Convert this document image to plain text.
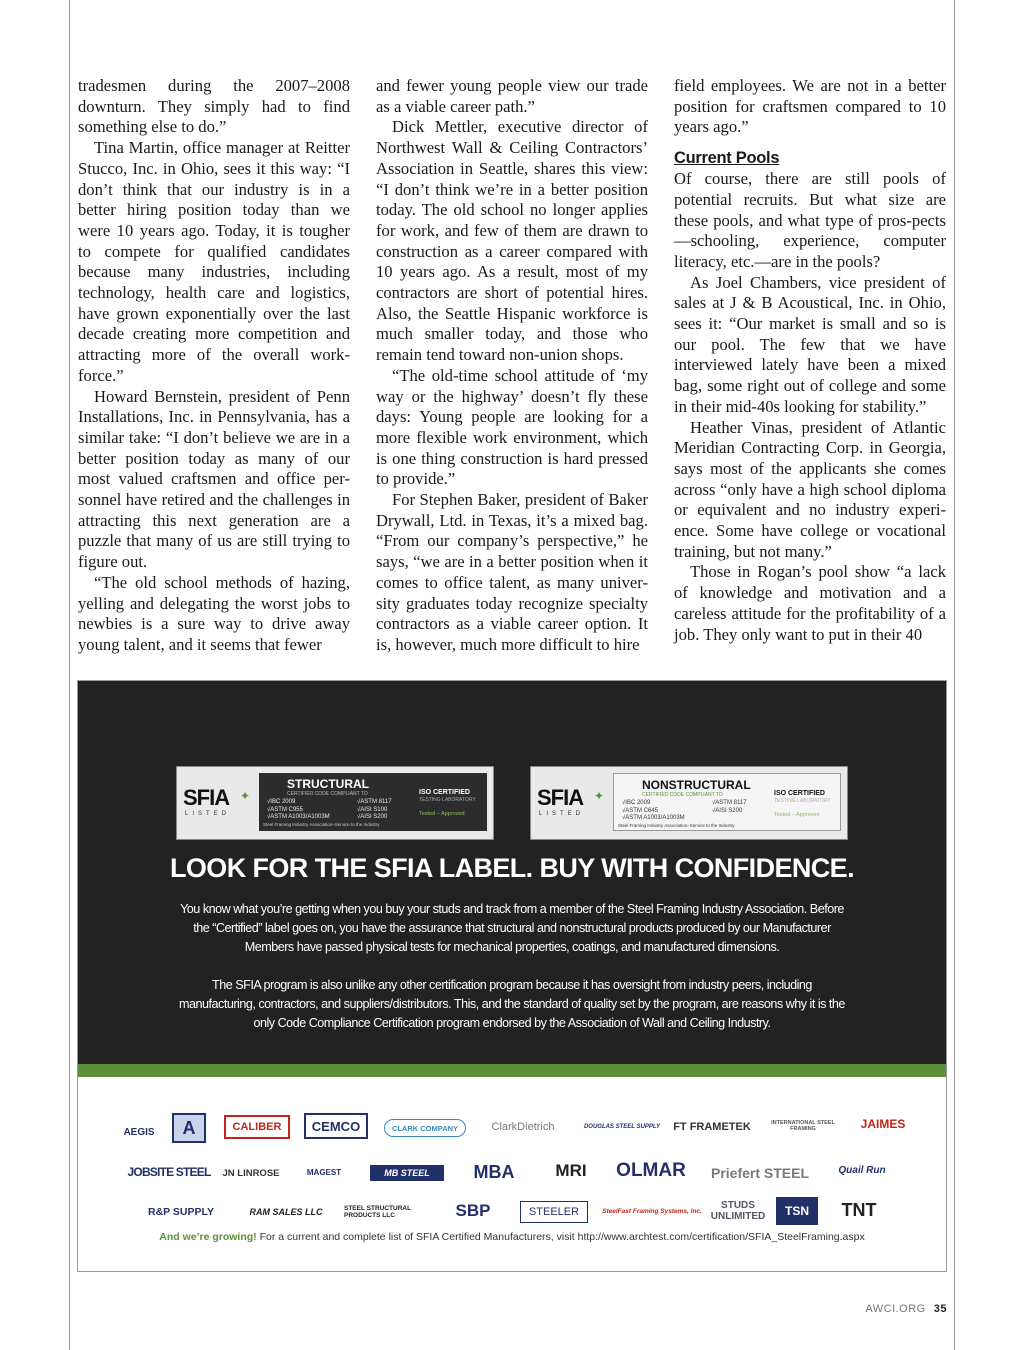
tradesmen during the 2007–2008 downturn. They simply had to find something else to do.”

Tina Martin, office manager at Reitter Stucco, Inc. in Ohio, sees it this way: “I don’t think that our industry is in a better hiring position today than we were 10 years ago. Today, it is tougher to compete for qualified candidates because many industries, including technology, health care and logistics, have grown exponentially over the last decade creating more competition and attracting more of the overall work-force.”

Howard Bernstein, president of Penn Installations, Inc. in Pennsylvania, has a similar take: “I don’t believe we are in a better position today as many of our most valued craftsmen and office per-sonnel have retired and the challenges in attracting this next generation are a puzzle that many of us are still trying to figure out.

“The old school methods of hazing, yelling and delegating the worst jobs to newbies is a sure way to drive away young talent, and it seems that fewer

and fewer young people view our trade as a viable career path.”

Dick Mettler, executive director of Northwest Wall & Ceiling Contractors’ Association in Seattle, shares this view: “I don’t think we’re in a better position today. The old school no longer applies for work, and few of them are drawn to construction as a career compared with 10 years ago. As a result, most of my contractors are short of potential hires. Also, the Seattle Hispanic workforce is much smaller today, and those who remain tend toward non-union shops.

“The old-time school attitude of ‘my way or the highway’ doesn’t fly these days: Young people are looking for a more flexible work environment, which is one thing construction is hard pressed to provide.”

For Stephen Baker, president of Baker Drywall, Ltd. in Texas, it’s a mixed bag. “From our company’s perspective,” he says, “we are in a better position when it comes to office talent, as many univer-sity graduates today recognize specialty contractors as a viable career option. It is, however, much more difficult to hire

field employees. We are not in a better position for craftsmen compared to 10 years ago.”

Current Pools

Of course, there are still pools of potential recruits. But what size are these pools, and what type of pros-pects—schooling, experience, computer literacy, etc.—are in the pools?

As Joel Chambers, vice president of sales at J & B Acoustical, Inc. in Ohio, sees it: “Our market is small and so is our pool. The few that we have interviewed lately have been a mixed bag, some right out of college and some in their mid-40s looking for stability.”

Heather Vinas, president of Atlantic Meridian Contracting Corp. in Georgia, says most of the applicants she comes across “only have a high school diploma or equivalent and no industry experi-ence. Some have college or vocational training, but not many.”

Those in Rogan’s pool show “a lack of knowledge and motivation and a careless attitude for the profitability of a job. They only want to put in their 40

SFIA ✦
LISTED
STRUCTURAL
CERTIFIED CODE COMPLIANT TO
√IBC 2009
√ASTM C955
√ASTM A1003/A1003M
√ASTM 8117
√AISI S100
√AISI S200
ISO CERTIFIED
TESTING LABORATORY
Tested – Approved
Steel Framing Industry Association–Service to the Industry
SFIA ✦
LISTED
NONSTRUCTURAL
CERTIFIED CODE COMPLIANT TO
√IBC 2009
√ASTM C645
√ASTM A1003/A1003M
√ASTM 8117
√AISI S200
ISO CERTIFIED
TESTING LABORATORY
Tested – Approved
Steel Framing Industry Association–Service to the Industry
LOOK FOR THE SFIA LABEL. BUY WITH CONFIDENCE.
You know what you’re getting when you buy your studs and track from a member of the Steel Framing Industry Association. Before the “Certified” label goes on, you have the assurance that structural and nonstructural products produced by our Manufacturer Members have passed physical tests for mechanical properties, coatings, and manufactured dimensions.
The SFIA program is also unlike any other certification program because it has oversight from industry peers, including manufacturing, contractors, and suppliers/distributors. This, and the standard of quality set by the program, are reasons why it is the only Code Compliance Certification program endorsed by the Association of Wall and Ceiling Industry.
AEGIS	A	CALIBER	CEMCO	CLARK COMPANY	ClarkDietrich	DOUGLAS STEEL SUPPLY	FT FRAMETEK	INTERNATIONAL STEEL FRAMING	JAIMES
JOBSITE STEEL JN LINROSE	MAGEST	MB STEEL	MBA	MRI	OLMAR	Priefert STEEL	Quail Run
R&P SUPPLY	RAM SALES LLC	STEEL STRUCTURAL PRODUCTS LLC	SBP	STEELER	SteelFast Framing Systems, Inc.	STUDS UNLIMITED	TSN	TNT
And we’re growing! For a current and complete list of SFIA Certified Manufacturers, visit http://www.archtest.com/certification/SFIA_SteelFraming.aspx
AWCI.ORG 35
